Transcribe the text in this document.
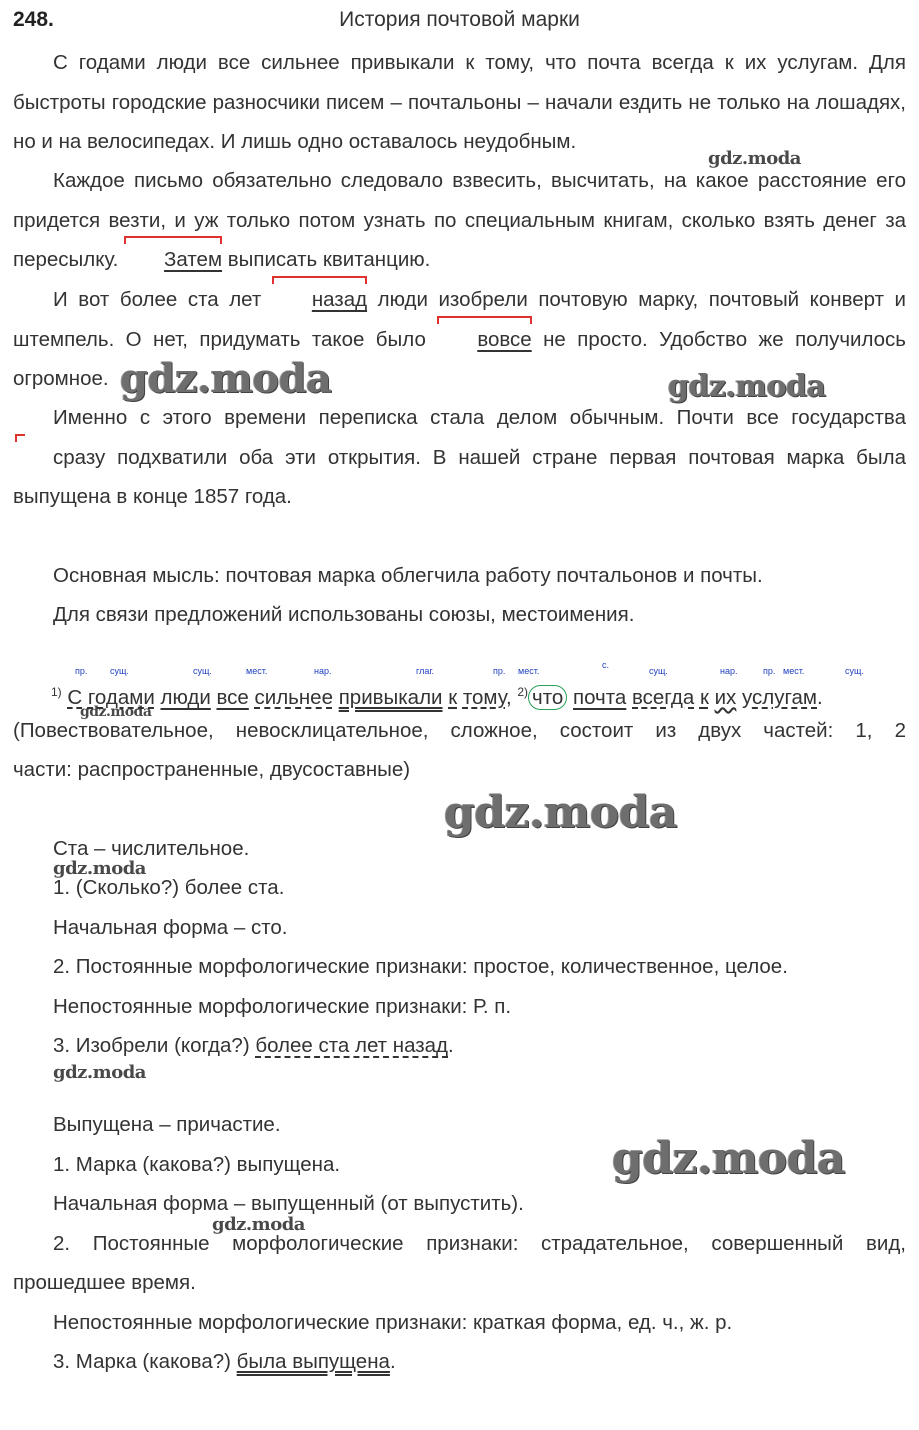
248.	История почтовой марки

С годами люди все сильнее привыкали к тому, что почта всегда к их услугам. Для быстроты городские разносчики писем – почтальоны – начали ездить не только на лошадях, но и на велосипедах. И лишь одно оставалось неудобным.

Каждое письмо обязательно следовало взвесить, высчитать, на какое расстояние его придется везти, и уж только потом узнать по специальным книгам, сколько взять денег за пересылку. Затем выписать квитанцию.

И вот более ста лет назад люди изобрели почтовую марку, почтовый конверт и штемпель. О нет, придумать такое было вовсе не просто. Удобство же получилось огромное.

Именно с этого времени переписка стала делом обычным. Почти все государства сразу подхватили оба эти открытия. В нашей стране первая почтовая марка была выпущена в конце 1857 года.

Основная мысль: почтовая марка облегчила работу почтальонов и почты.
Для связи предложений использованы союзы, местоимения.
пр.	сущ.	сущ.	мест.	нар.	глаг.	пр. мест.
с.
сущ.	нар.	пр. мест.	сущ.
$^{1)}$ С годами люди все сильнее привыкали к тому, $^{2)}$ что почта всегда к их услугам.

(Повествовательное, невосклицательное, сложное, состоит из двух частей: 1, 2

части: распространенные, двусоставные)
Ста – числительное.
1. (Сколько?) более ста.
Начальная форма – сто.
2. Постоянные морфологические признаки: простое, количественное, целое.
Непостоянные морфологические признаки: Р. п.
3. Изобрели (когда?) более ста лет назад.
Выпущена – причастие.
1. Марка (какова?) выпущена.
Начальная форма – выпущенный (от выпустить).

2. Постоянные морфологические признаки: страдательное, совершенный вид,

прошедшее время.
Непостоянные морфологические признаки: краткая форма, ед. ч., ж. р.
3. Марка (какова?) была выпущена.
gdz.moda
gdz.moda	gdz.moda
gdz.moda
gdz.moda
gdz.moda
gdz.moda
gdz.moda
gdz.moda
